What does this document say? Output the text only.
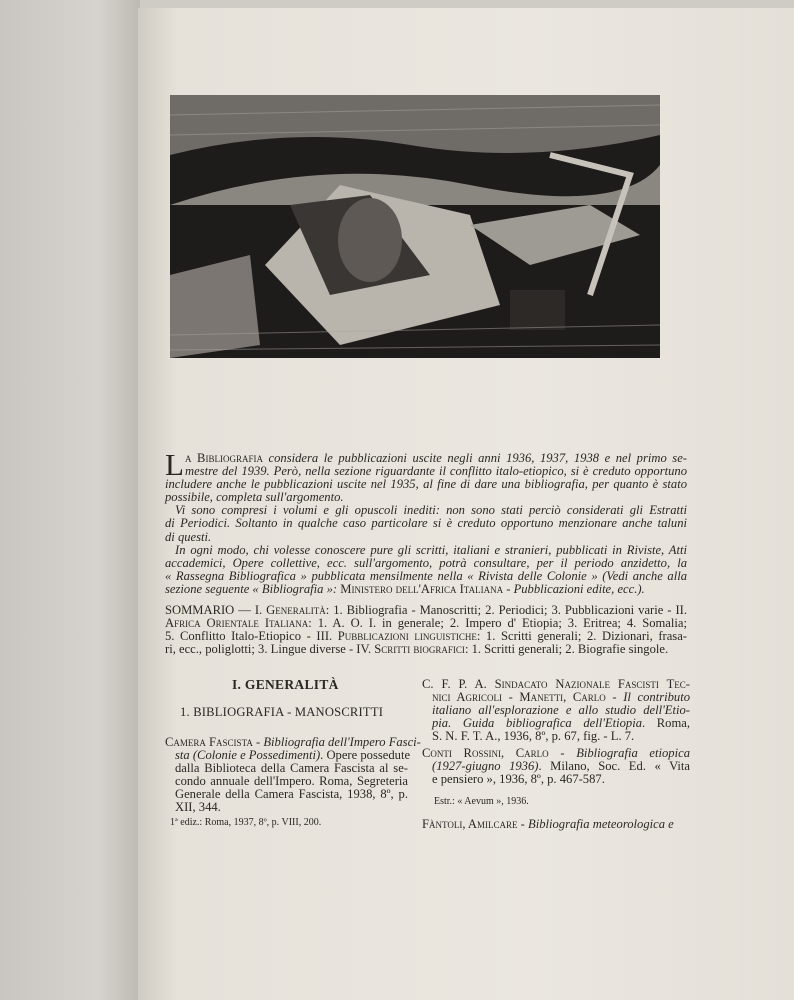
L a Bibliografia considera le pubblicazioni uscite negli anni 1936, 1937, 1938 e nel primo se-
mestre del 1939. Però, nella sezione riguardante il conflitto italo-etiopico, si è creduto opportuno
includere anche le pubblicazioni uscite nel 1935, al fine di dare una bibliografia, per quanto è stato
possibile, completa sull'argomento.
Vi sono compresi i volumi e gli opuscoli inediti: non sono stati perciò considerati gli Estratti
di Periodici. Soltanto in qualche caso particolare si è creduto opportuno menzionare anche taluni
di questi.
In ogni modo, chi volesse conoscere pure gli scritti, italiani e stranieri, pubblicati in Riviste, Atti
accademici, Opere collettive, ecc. sull'argomento, potrà consultare, per il periodo anzidetto, la
« Rassegna Bibliografica » pubblicata mensilmente nella « Rivista delle Colonie » (Vedi anche alla
sezione seguente « Bibliografia »: Ministero dell'Africa Italiana - Pubblicazioni edite, ecc.).
SOMMARIO — I. Generalità: 1. Bibliografia - Manoscritti; 2. Periodici; 3. Pubblicazioni varie - II.
Africa Orientale Italiana: 1. A. O. I. in generale; 2. Impero d' Etiopia; 3. Eritrea; 4. Somalia;
5. Conflitto Italo-Etiopico - III. Pubblicazioni linguistiche: 1. Scritti generali; 2. Dizionari, frasa-
ri, ecc., poliglotti; 3. Lingue diverse - IV. Scritti biografici: 1. Scritti generali; 2. Biografie singole.
I. GENERALITÀ
1. BIBLIOGRAFIA - MANOSCRITTI
Camera Fascista - Bibliografia dell'Impero Fasci-
sta (Colonie e Possedimenti). Opere possedute
dalla Biblioteca della Camera Fascista al se-
condo annuale dell'Impero. Roma, Segreteria
Generale della Camera Fascista, 1938, 8º, p.
XII, 344.
1ª ediz.: Roma, 1937, 8º, p. VIII, 200.
C. F. P. A. Sindacato Nazionale Fascisti Tec-
nici Agricoli - Manetti, Carlo - Il contributo
italiano all'esplorazione e allo studio dell'Etio-
pia. Guida bibliografica dell'Etiopia. Roma,
S. N. F. T. A., 1936, 8º, p. 67, fig. - L. 7.
Conti Rossini, Carlo - Bibliografia etiopica
(1927-giugno 1936). Milano, Soc. Ed. « Vita
e pensiero », 1936, 8º, p. 467-587.
Estr.: « Aevum », 1936.
Fàntoli, Amilcare - Bibliografia meteorologica e
